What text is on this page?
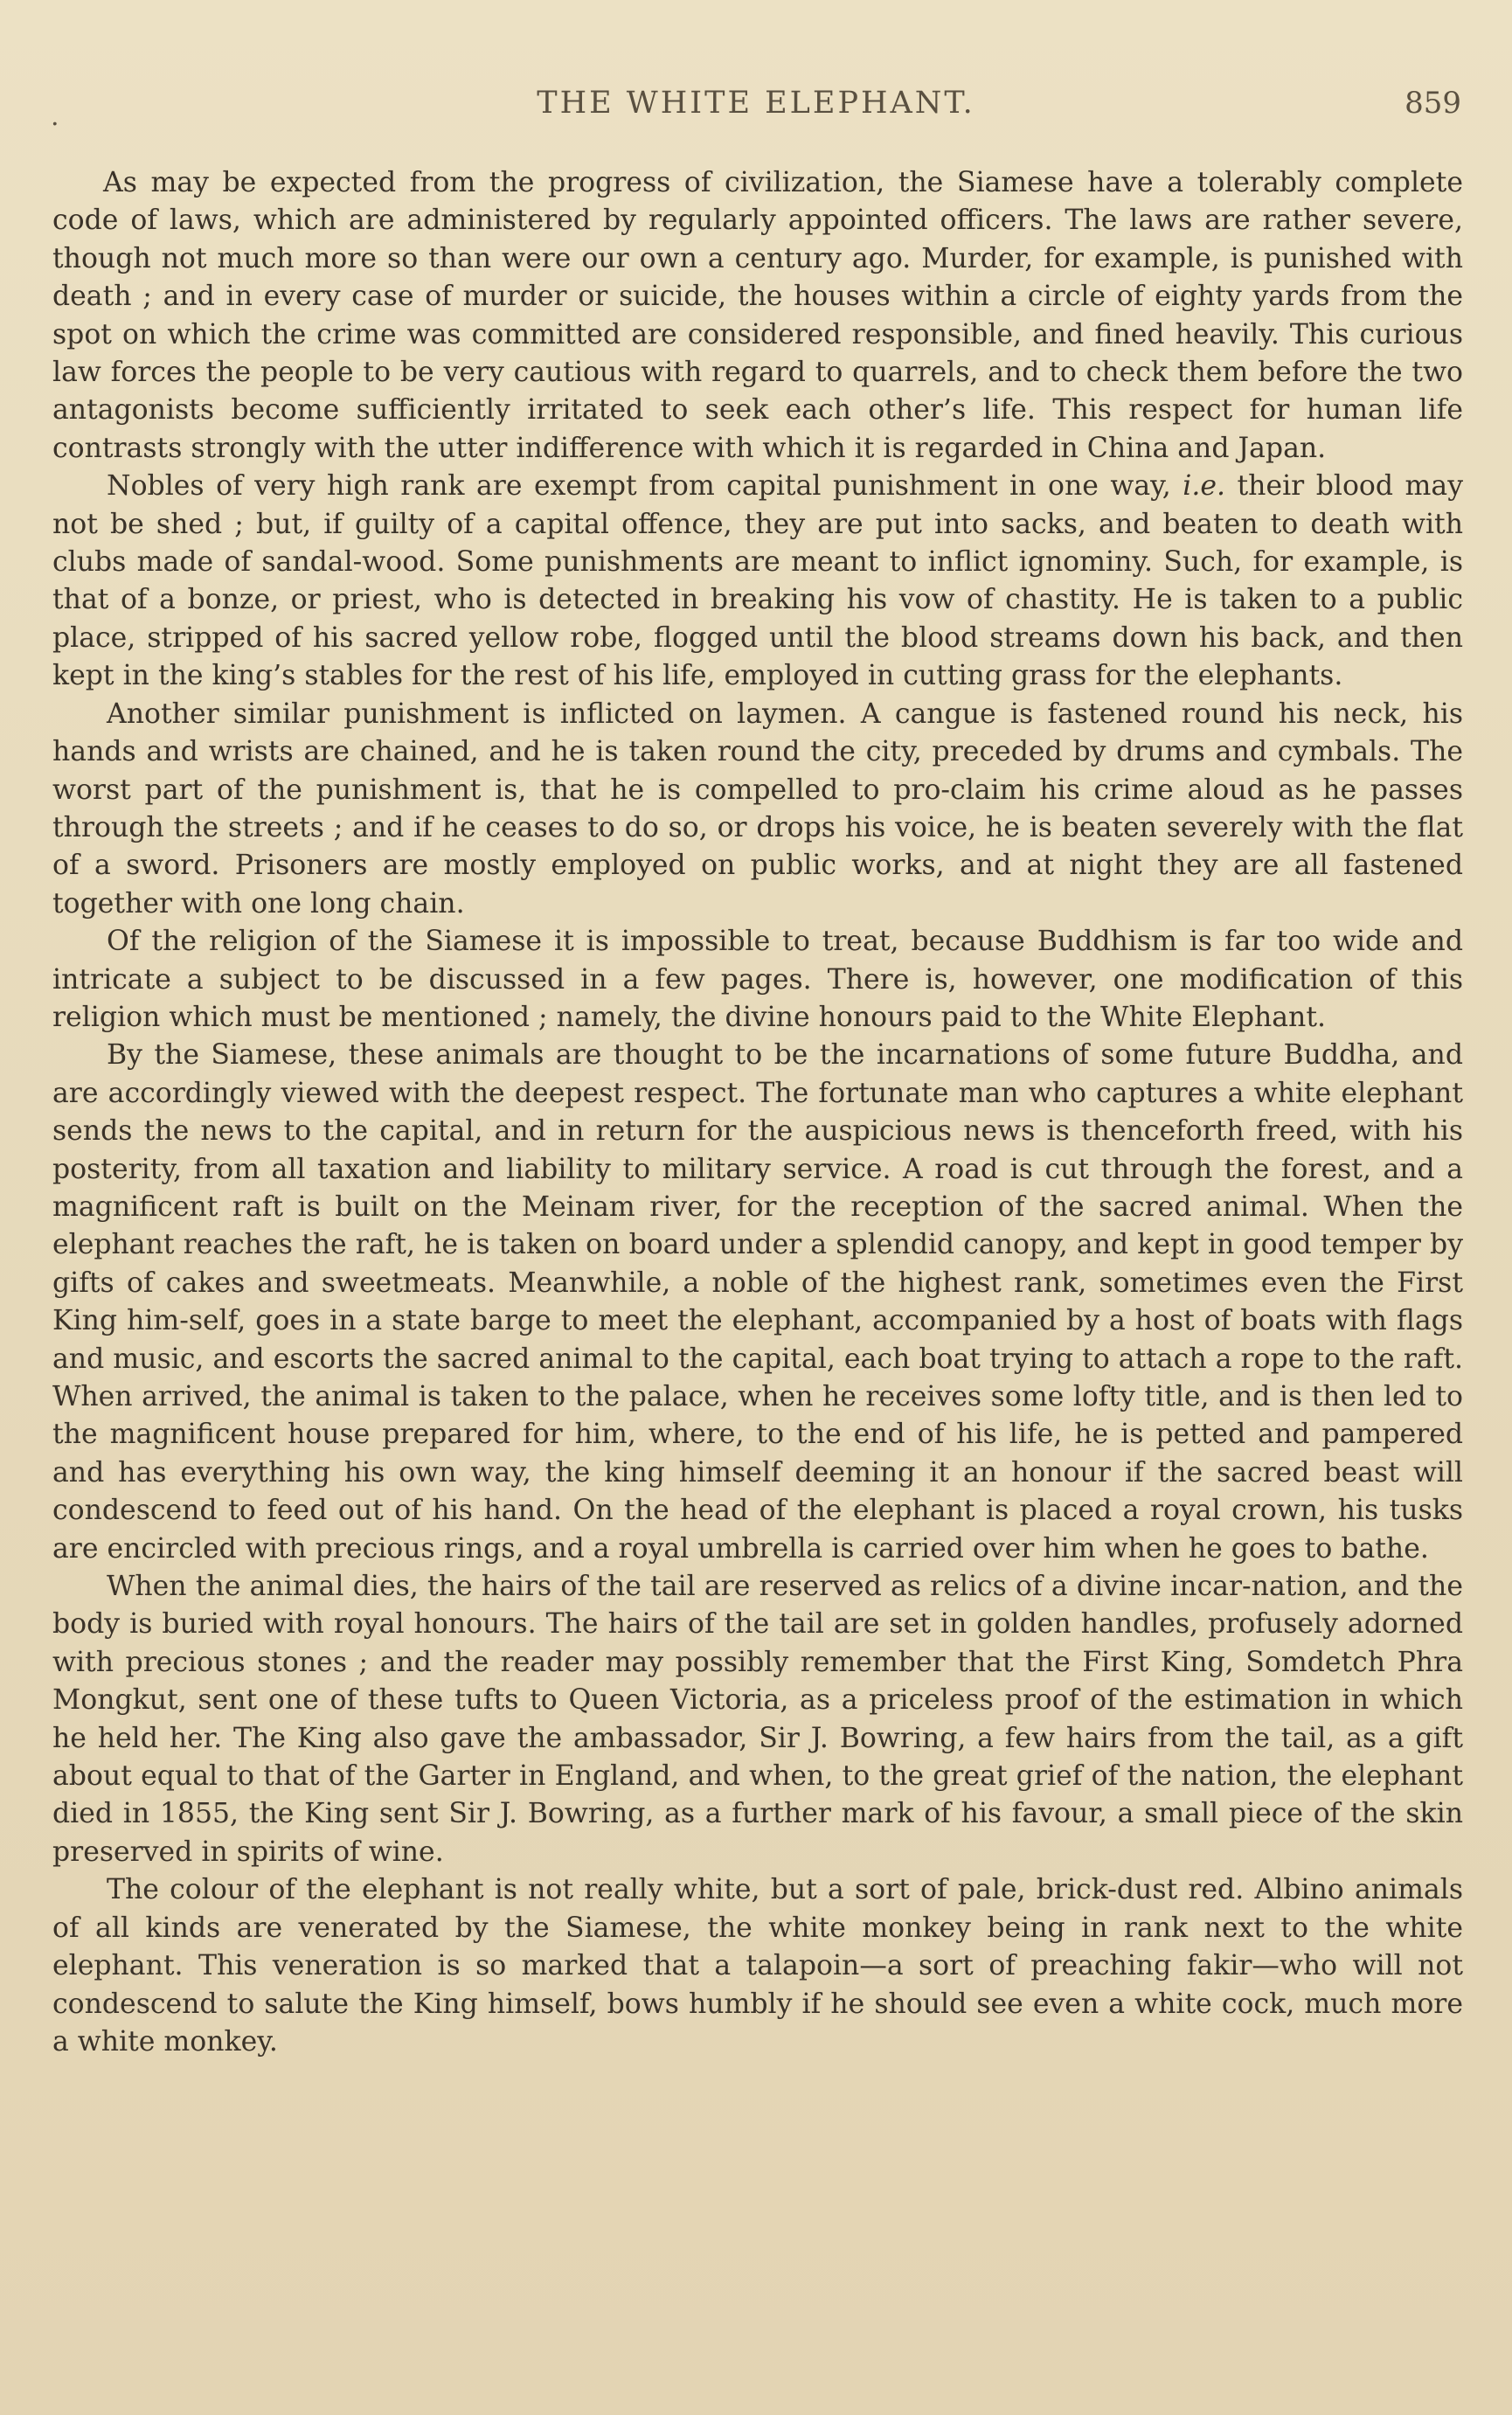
.	THE WHITE ELEPHANT.	859

As may be expected from the progress of civilization, the Siamese have a tolerably complete code of laws, which are administered by regularly appointed officers. The laws are rather severe, though not much more so than were our own a century ago. Murder, for example, is punished with death ; and in every case of murder or suicide, the houses within a circle of eighty yards from the spot on which the crime was committed are considered responsible, and fined heavily. This curious law forces the people to be very cautious with regard to quarrels, and to check them before the two antagonists become sufficiently irritated to seek each other’s life. This respect for human life contrasts strongly with the utter indifference with which it is regarded in China and Japan.

Nobles of very high rank are exempt from capital punishment in one way, i.e. their blood may not be shed ; but, if guilty of a capital offence, they are put into sacks, and beaten to death with clubs made of sandal-wood. Some punishments are meant to inflict ignominy. Such, for example, is that of a bonze, or priest, who is detected in breaking his vow of chastity. He is taken to a public place, stripped of his sacred yellow robe, flogged until the blood streams down his back, and then kept in the king’s stables for the rest of his life, employed in cutting grass for the elephants.

Another similar punishment is inflicted on laymen. A cangue is fastened round his neck, his hands and wrists are chained, and he is taken round the city, preceded by drums and cymbals. The worst part of the punishment is, that he is compelled to pro-claim his crime aloud as he passes through the streets ; and if he ceases to do so, or drops his voice, he is beaten severely with the flat of a sword. Prisoners are mostly employed on public works, and at night they are all fastened together with one long chain.

Of the religion of the Siamese it is impossible to treat, because Buddhism is far too wide and intricate a subject to be discussed in a few pages. There is, however, one modification of this religion which must be mentioned ; namely, the divine honours paid to the White Elephant.

By the Siamese, these animals are thought to be the incarnations of some future Buddha, and are accordingly viewed with the deepest respect. The fortunate man who captures a white elephant sends the news to the capital, and in return for the auspicious news is thenceforth freed, with his posterity, from all taxation and liability to military service. A road is cut through the forest, and a magnificent raft is built on the Meinam river, for the reception of the sacred animal. When the elephant reaches the raft, he is taken on board under a splendid canopy, and kept in good temper by gifts of cakes and sweetmeats. Meanwhile, a noble of the highest rank, sometimes even the First King him-self, goes in a state barge to meet the elephant, accompanied by a host of boats with flags and music, and escorts the sacred animal to the capital, each boat trying to attach a rope to the raft. When arrived, the animal is taken to the palace, when he receives some lofty title, and is then led to the magnificent house prepared for him, where, to the end of his life, he is petted and pampered and has everything his own way, the king himself deeming it an honour if the sacred beast will condescend to feed out of his hand. On the head of the elephant is placed a royal crown, his tusks are encircled with precious rings, and a royal umbrella is carried over him when he goes to bathe.

When the animal dies, the hairs of the tail are reserved as relics of a divine incar-nation, and the body is buried with royal honours. The hairs of the tail are set in golden handles, profusely adorned with precious stones ; and the reader may possibly remember that the First King, Somdetch Phra Mongkut, sent one of these tufts to Queen Victoria, as a priceless proof of the estimation in which he held her. The King also gave the ambassador, Sir J. Bowring, a few hairs from the tail, as a gift about equal to that of the Garter in England, and when, to the great grief of the nation, the elephant died in 1855, the King sent Sir J. Bowring, as a further mark of his favour, a small piece of the skin preserved in spirits of wine.

The colour of the elephant is not really white, but a sort of pale, brick-dust red. Albino animals of all kinds are venerated by the Siamese, the white monkey being in rank next to the white elephant. This veneration is so marked that a talapoin—a sort of preaching fakir—who will not condescend to salute the King himself, bows humbly if he should see even a white cock, much more a white monkey.
